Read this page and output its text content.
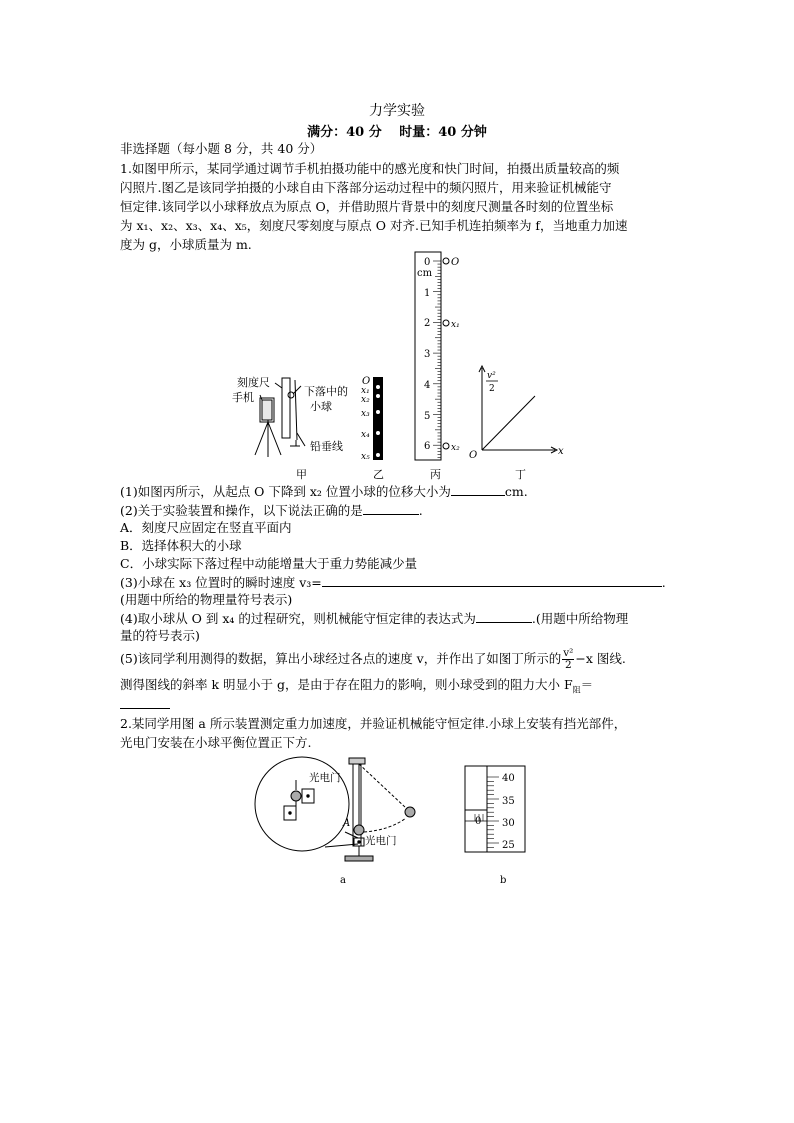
力学实验
满分：40 分　 时量：40 分钟
非选择题（每小题 8 分，共 40 分）
1.如图甲所示，某同学通过调节手机拍摄功能中的感光度和快门时间，拍摄出质量较高的频
闪照片.图乙是该同学拍摄的小球自由下落部分运动过程中的频闪照片，用来验证机械能守
恒定律.该同学以小球释放点为原点 O，并借助照片背景中的刻度尺测量各时刻的位置坐标
为 x₁、x₂、x₃、x₄、x₅，刻度尺零刻度与原点 O 对齐.已知手机连拍频率为 f，当地重力加速
度为 g，小球质量为 m.
刻度尺
手机	下落中的
小球
铅垂线
O
x₁
x₂
x₃
x₄
x₅
cm
0
1
2
3
4
5
6
O
x₁
x₂
v²
2
O	x
甲	乙	丙	丁
(1)如图丙所示，从起点 O 下降到 x₂ 位置小球的位移大小为	cm.
(2)关于实验装置和操作，以下说法正确的是	.
A．刻度尺应固定在竖直平面内
B．选择体积大的小球
C．小球实际下落过程中动能增量大于重力势能减少量
(3)小球在 x₃ 位置时的瞬时速度 v₃=	.
(用题中所给的物理量符号表示)
(4)取小球从 O 到 x₄ 的过程研究，则机械能守恒定律的表达式为	.(用题中所给物理
量的符号表示)
(5)该同学利用测得的数据，算出小球经过各点的速度 v，并作出了如图丁所示的 $\frac{\text{v²}}{2} -x$ 图线.
测得图线的斜率 k 明显小于 g，是由于存在阻力的影响，则小球受到的阻力大小 $F_阻=$
2.某同学用图 a 所示装置测定重力加速度，并验证机械能守恒定律.小球上安装有挡光部件，
光电门安装在小球平衡位置正下方.
光电门
光电门
A
40
35
30
25
0
a	b
